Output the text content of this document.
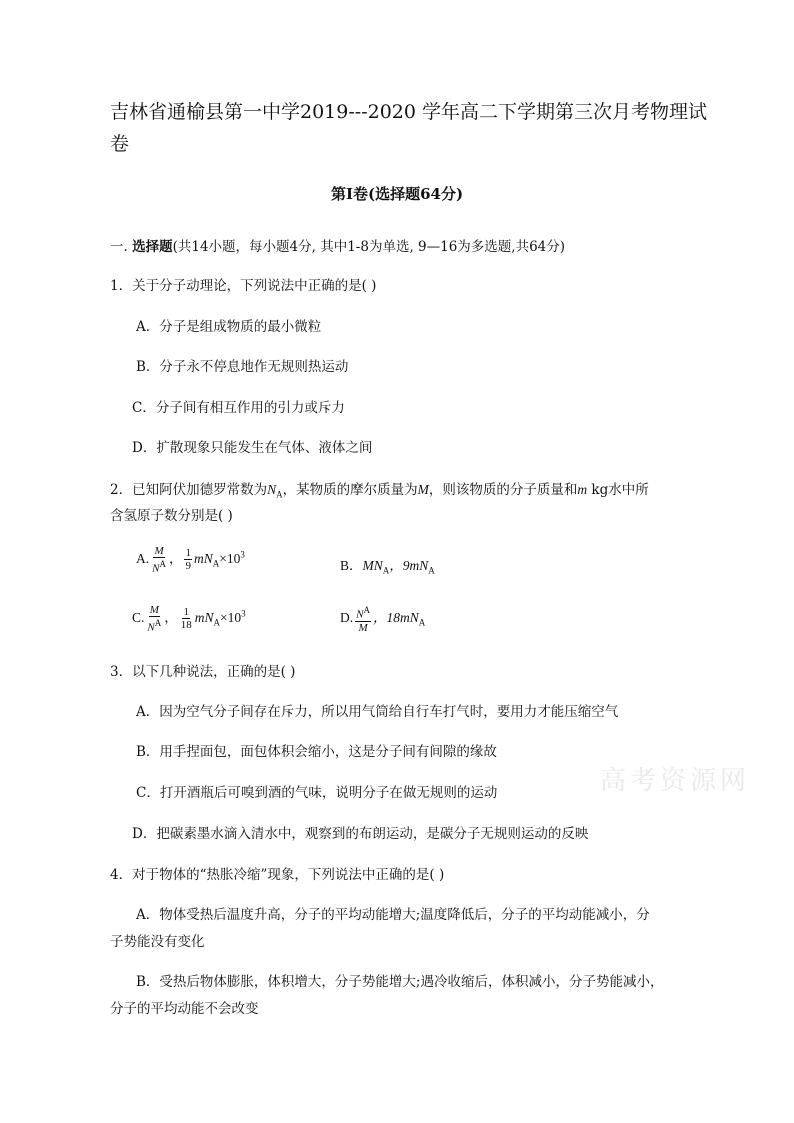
吉林省通榆县第一中学2019---2020 学年高二下学期第三次月考物理试
卷
第I卷(选择题64分)
一. 选择题(共14小题，每小题4分, 其中1-8为单选, 9—16为多选题,共64分)
1．关于分子动理论，下列说法中正确的是( )
A．分子是组成物质的最小微粒
B．分子永不停息地作无规则热运动
C．分子间有相互作用的引力或斥力
D．扩散现象只能发生在气体、液体之间
2．已知阿伏加德罗常数为$N_A$，某物质的摩尔质量为M，则该物质的分子质量和m kg水中所
含氢原子数分别是( )
A. $\frac{M}{N^A}$ ， $\frac{1}{9} mN_A\times 10^3$
B．$MN_A$，$9mN_A$
C. $\frac{M}{N^A}$ ， $\frac{1}{18} mN_A\times 10^3$	D. $\frac{N^A}{M}$ ，$18mN_A$
3．以下几种说法，正确的是( )
A．因为空气分子间存在斥力，所以用气筒给自行车打气时，要用力才能压缩空气
B．用手捏面包，面包体积会缩小，这是分子间有间隙的缘故
C．打开酒瓶后可嗅到酒的气味，说明分子在做无规则的运动
D．把碳素墨水滴入清水中，观察到的布朗运动，是碳分子无规则运动的反映
4．对于物体的“热胀冷缩”现象，下列说法中正确的是( )
A．物体受热后温度升高，分子的平均动能增大;温度降低后，分子的平均动能减小，分
子势能没有变化
B．受热后物体膨胀，体积增大，分子势能增大;遇冷收缩后，体积减小，分子势能减小，
分子的平均动能不会改变
高考资源网
